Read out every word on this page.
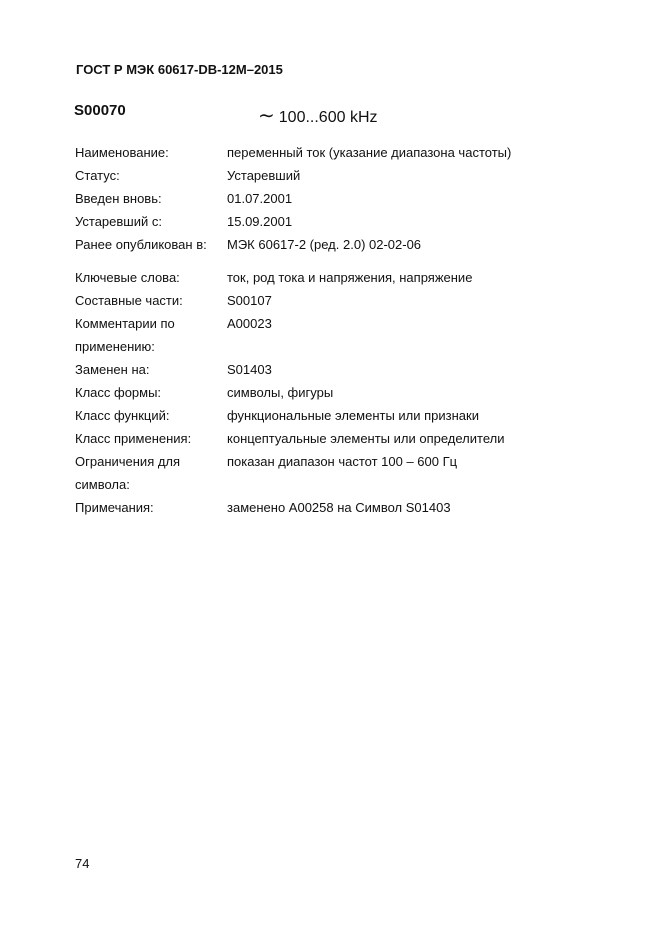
ГОСТ Р МЭК 60617-DB-12M–2015
S00070	∼ 100...600 kHz
Наименование:	переменный ток (указание диапазона частоты)
Статус:	Устаревший
Введен вновь:	01.07.2001
Устаревший с:	15.09.2001
Ранее опубликован в:	МЭК 60617-2 (ред. 2.0) 02-02-06
Ключевые слова:	ток, род тока и напряжения, напряжение
Составные части:	S00107
Комментарии по	A00023
применению:
Заменен на:	S01403
Класс формы:	символы, фигуры
Класс функций:	функциональные элементы или признаки
Класс применения:	концептуальные элементы или определители
Ограничения для	показан диапазон частот 100 – 600 Гц
символа:
Примечания:	заменено A00258 на Символ S01403
74
